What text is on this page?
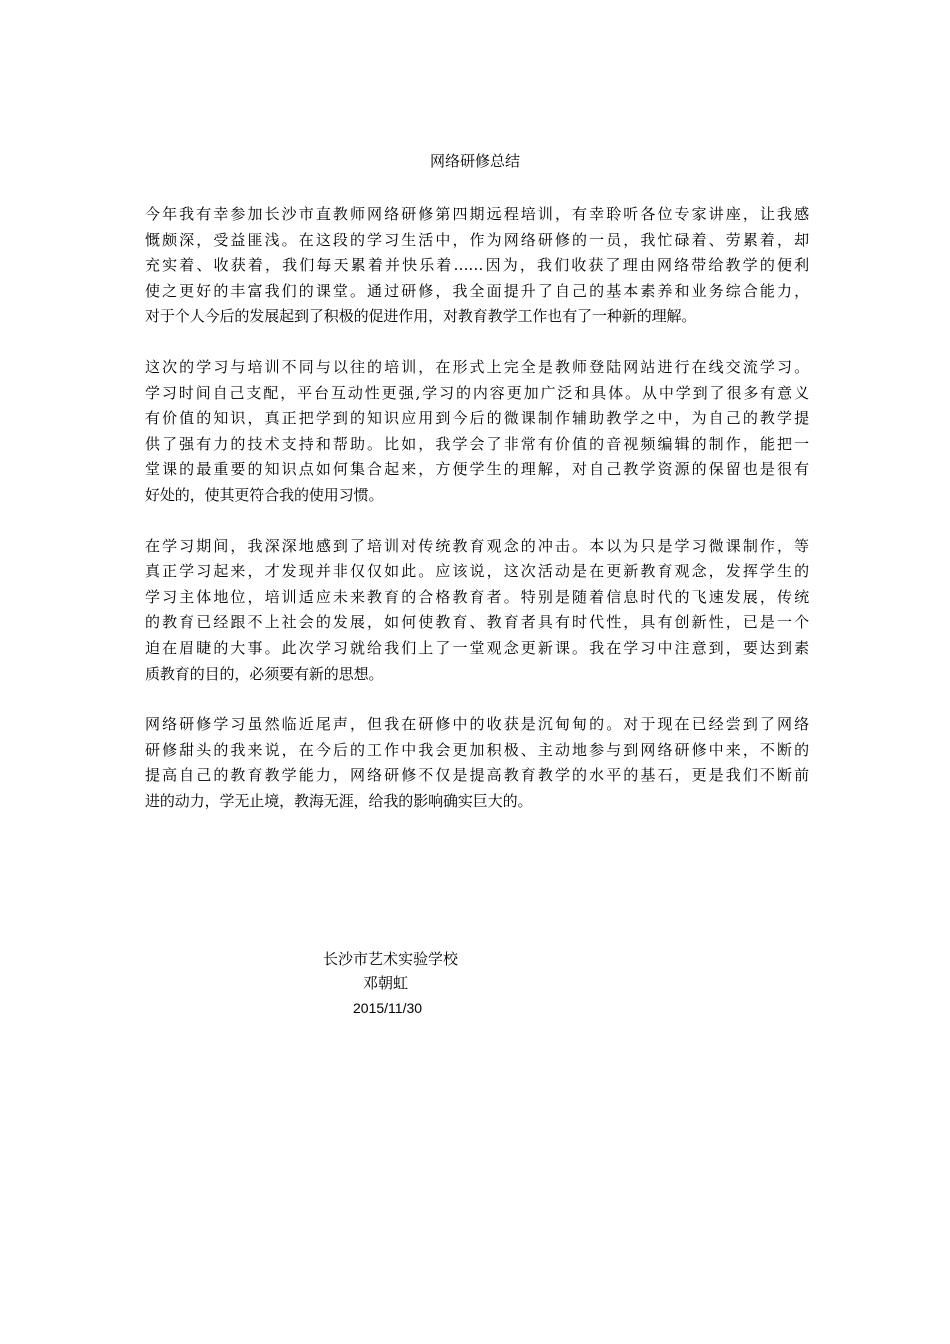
网络研修总结

今年我有幸参加长沙市直教师网络研修第四期远程培训，有幸聆听各位专家讲座，让我感
慨颇深，受益匪浅。在这段的学习生活中，作为网络研修的一员，我忙碌着、劳累着，却
充实着、收获着，我们每天累着并快乐着……因为，我们收获了理由网络带给教学的便利
使之更好的丰富我们的课堂。通过研修，我全面提升了自己的基本素养和业务综合能力，
对于个人今后的发展起到了积极的促进作用，对教育教学工作也有了一种新的理解。

这次的学习与培训不同与以往的培训，在形式上完全是教师登陆网站进行在线交流学习。
学习时间自己支配，平台互动性更强,学习的内容更加广泛和具体。从中学到了很多有意义
有价值的知识，真正把学到的知识应用到今后的微课制作辅助教学之中，为自己的教学提
供了强有力的技术支持和帮助。比如，我学会了非常有价值的音视频编辑的制作，能把一
堂课的最重要的知识点如何集合起来，方便学生的理解，对自己教学资源的保留也是很有
好处的，使其更符合我的使用习惯。

在学习期间，我深深地感到了培训对传统教育观念的冲击。本以为只是学习微课制作，等
真正学习起来，才发现并非仅仅如此。应该说，这次活动是在更新教育观念，发挥学生的
学习主体地位，培训适应未来教育的合格教育者。特别是随着信息时代的飞速发展，传统
的教育已经跟不上社会的发展，如何使教育、教育者具有时代性，具有创新性，已是一个
迫在眉睫的大事。此次学习就给我们上了一堂观念更新课。我在学习中注意到，要达到素
质教育的目的，必须要有新的思想。

网络研修学习虽然临近尾声，但我在研修中的收获是沉甸甸的。对于现在已经尝到了网络
研修甜头的我来说，在今后的工作中我会更加积极、主动地参与到网络研修中来，不断的
提高自己的教育教学能力，网络研修不仅是提高教育教学的水平的基石，更是我们不断前
进的动力，学无止境，教海无涯，给我的影响确实巨大的。

长沙市艺术实验学校
邓朝虹
2015/11/30
